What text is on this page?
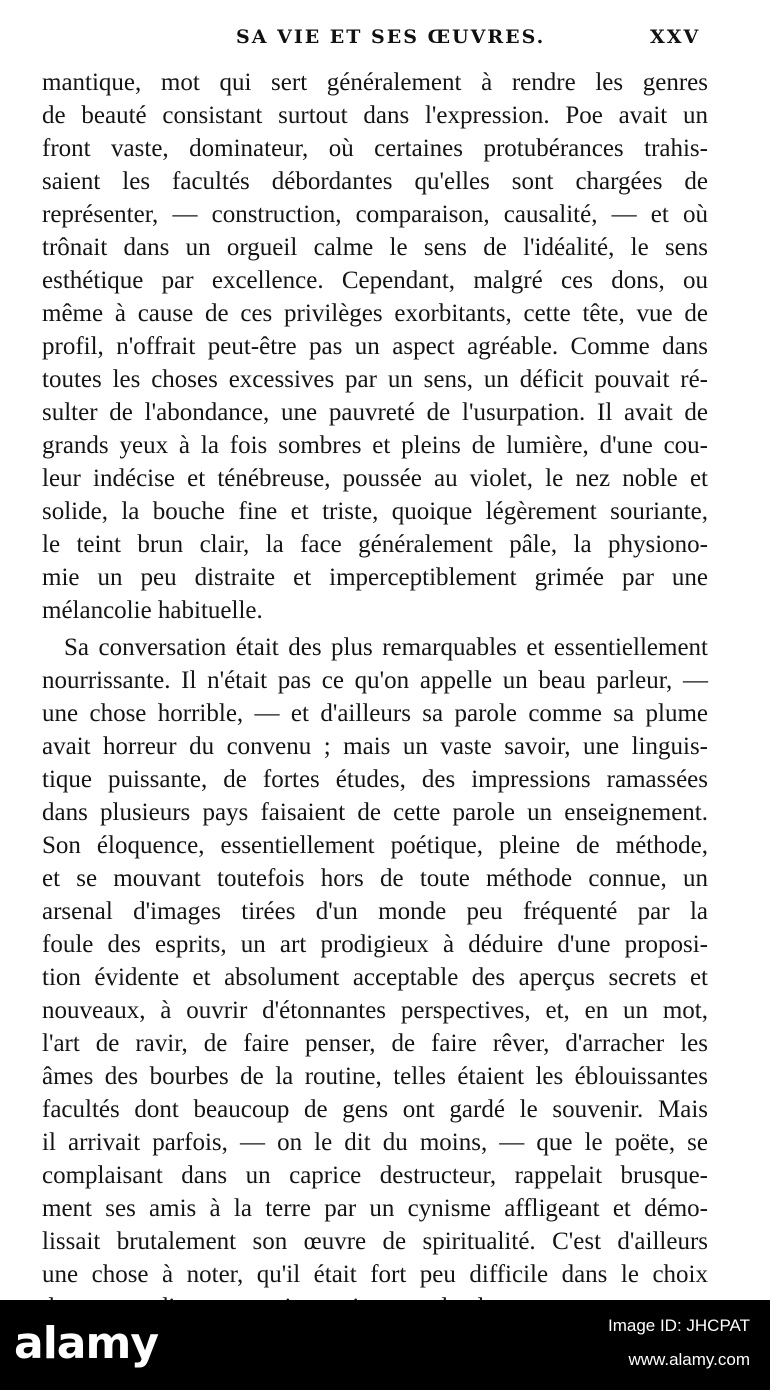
SA VIE ET SES ŒUVRES.	XXV
mantique, mot qui sert généralement à rendre les genres
de beauté consistant surtout dans l'expression. Poe avait un
front vaste, dominateur, où certaines protubérances trahis-
saient les facultés débordantes qu'elles sont chargées de
représenter, — construction, comparaison, causalité, — et où
trônait dans un orgueil calme le sens de l'idéalité, le sens
esthétique par excellence. Cependant, malgré ces dons, ou
même à cause de ces privilèges exorbitants, cette tête, vue de
profil, n'offrait peut-être pas un aspect agréable. Comme dans
toutes les choses excessives par un sens, un déficit pouvait ré-
sulter de l'abondance, une pauvreté de l'usurpation. Il avait de
grands yeux à la fois sombres et pleins de lumière, d'une cou-
leur indécise et ténébreuse, poussée au violet, le nez noble et
solide, la bouche fine et triste, quoique légèrement souriante,
le teint brun clair, la face généralement pâle, la physiono-
mie un peu distraite et imperceptiblement grimée par une
mélancolie habituelle.
Sa conversation était des plus remarquables et essentiellement
nourrissante. Il n'était pas ce qu'on appelle un beau parleur, —
une chose horrible, — et d'ailleurs sa parole comme sa plume
avait horreur du convenu ; mais un vaste savoir, une linguis-
tique puissante, de fortes études, des impressions ramassées
dans plusieurs pays faisaient de cette parole un enseignement.
Son éloquence, essentiellement poétique, pleine de méthode,
et se mouvant toutefois hors de toute méthode connue, un
arsenal d'images tirées d'un monde peu fréquenté par la
foule des esprits, un art prodigieux à déduire d'une proposi-
tion évidente et absolument acceptable des aperçus secrets et
nouveaux, à ouvrir d'étonnantes perspectives, et, en un mot,
l'art de ravir, de faire penser, de faire rêver, d'arracher les
âmes des bourbes de la routine, telles étaient les éblouissantes
facultés dont beaucoup de gens ont gardé le souvenir. Mais
il arrivait parfois, — on le dit du moins, — que le poëte, se
complaisant dans un caprice destructeur, rappelait brusque-
ment ses amis à la terre par un cynisme affligeant et démo-
lissait brutalement son œuvre de spiritualité. C'est d'ailleurs
une chose à noter, qu'il était fort peu difficile dans le choix
alamy	Image ID: JHCPAT
www.alamy.com
